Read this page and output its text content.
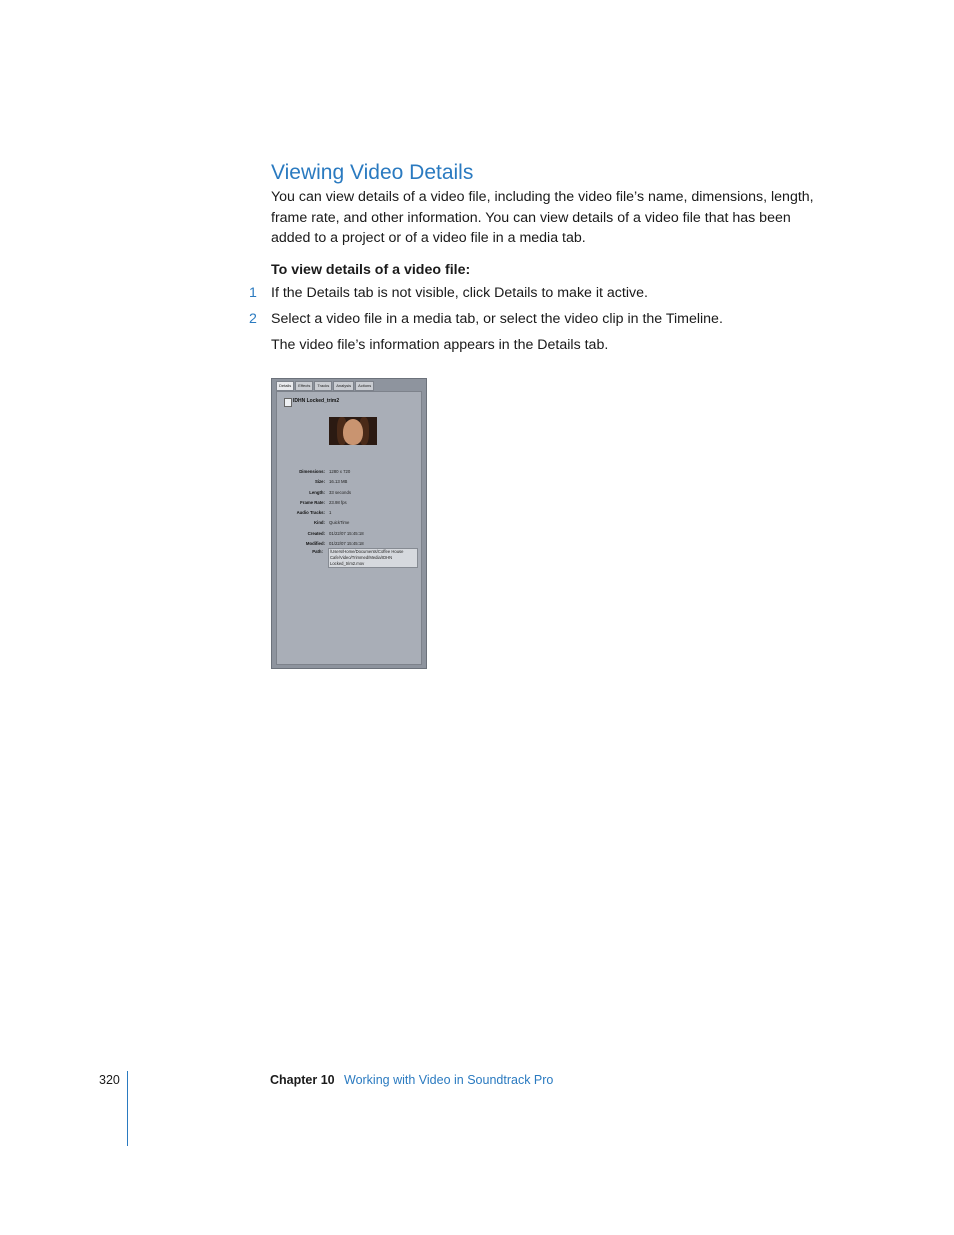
Viewing Video Details

You can view details of a video file, including the video file’s name, dimensions, length, frame rate, and other information. You can view details of a video file that has been added to a project or of a video file in a media tab.

To view details of a video file:

1 If the Details tab is not visible, click Details to make it active.
2 Select a video file in a media tab, or select the video clip in the Timeline.
The video file’s information appears in the Details tab.
Details	Effects	Tracks	Analysis	Actions
IDHN Locked_trim2
Dimensions: 1280 x 720
Size: 16.13 MB
Length: 33 seconds
Frame Rate: 23.98 fps
Audio Tracks: 1
Kind: QuickTime
Created: 01/22/07 15:45:18
Modified: 01/22/07 15:45:18
Path: /Users/Home/Documents/Coffee House
Cafe/Video/Trimmed/Media/IDHN
Locked_trim2.mov
320	Chapter 10 Working with Video in Soundtrack Pro
